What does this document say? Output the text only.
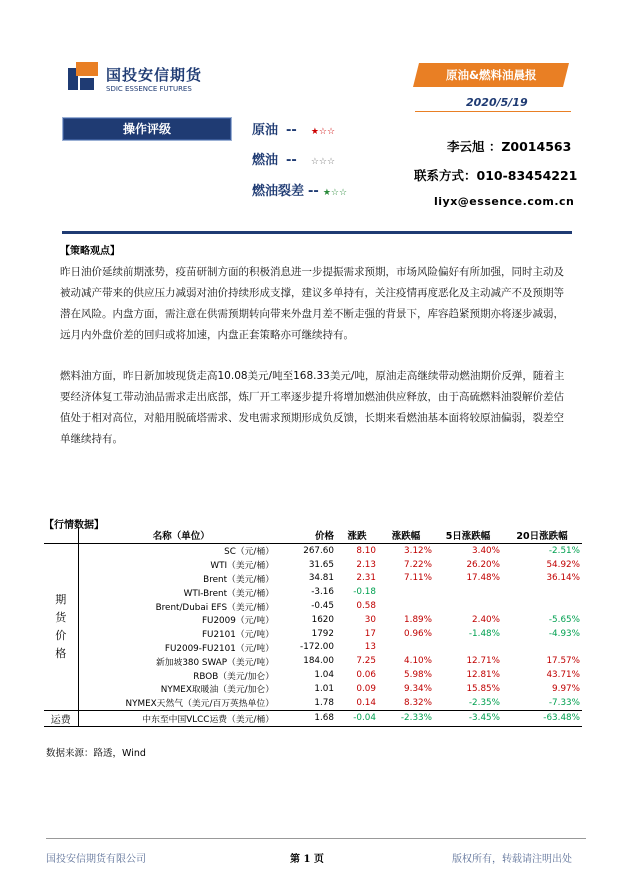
国投安信期货
SDIC ESSENCE FUTURES
原油&燃料油晨报
2020/5/19
操作评级	原油 -- ★☆☆
燃油 -- ☆☆☆
燃油裂差 -- ★☆☆
李云旭 ：Z0014563
联系方式：010-83454221
liyx@essence.com.cn
【策略观点】
昨日油价延续前期涨势，疫苗研制方面的积极消息进一步提振需求预期，市场风险偏好有所加强，同时主动及被动减产带来的供应压力减弱对油价持续形成支撑，建议多单持有，关注疫情再度恶化及主动减产不及预期等潜在风险。内盘方面，需注意在供需预期转向带来外盘月差不断走强的背景下，库容趋紧预期亦将逐步减弱，远月内外盘价差的回归或将加速，内盘正套策略亦可继续持有。
燃料油方面，昨日新加坡现货走高10.08美元/吨至168.33美元/吨，原油走高继续带动燃油期价反弹，随着主要经济体复工带动油品需求走出底部，炼厂开工率逐步提升将增加燃油供应释放，由于高硫燃料油裂解价差估值处于相对高位，对船用脱硫塔需求、发电需求预期形成负反馈，长期来看燃油基本面将较原油偏弱，裂差空单继续持有。
【行情数据】
	名称（单位）	价格	涨跌	涨跌幅	5日涨跌幅	20日涨跌幅

期
货
价
格	SC（元/桶）	267.60	8.10	3.12%	3.40%	-2.51%
	WTI（美元/桶）	31.65	2.13	7.22%	26.20%	54.92%
	Brent（美元/桶）	34.81	2.31	7.11%	17.48%	36.14%
	WTI-Brent（美元/桶）	-3.16	-0.18			
	Brent/Dubai EFS（美元/桶）	-0.45	0.58			
	FU2009（元/吨）	1620	30	1.89%	2.40%	-5.65%
	FU2101（元/吨）	1792	17	0.96%	-1.48%	-4.93%
	FU2009-FU2101（元/吨）	-172.00	13			
	新加坡380 SWAP（美元/吨）	184.00	7.25	4.10%	12.71%	17.57%
	RBOB（美元/加仑）	1.04	0.06	5.98%	12.81%	43.71%
	NYMEX取暖油（美元/加仑）	1.01	0.09	9.34%	15.85%	9.97%
	NYMEX天然气（美元/百万英热单位）	1.78	0.14	8.32%	-2.35%	-7.33%
运费	中东至中国VLCC运费（美元/桶）	1.68	-0.04	-2.33%	-3.45%	-63.48%
数据来源：路透，Wind
国投安信期货有限公司	第 1 页	版权所有，转载请注明出处
